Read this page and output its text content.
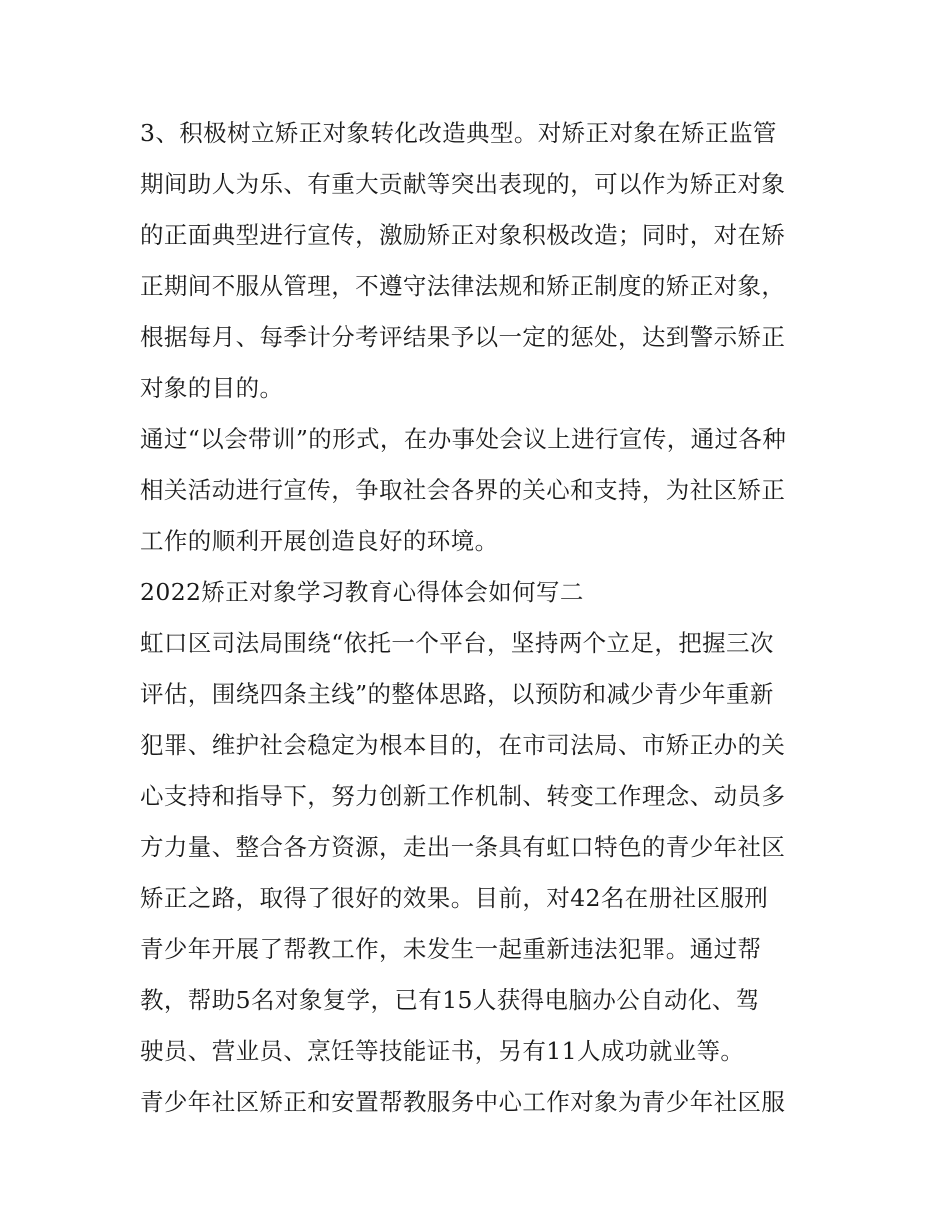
3、积极树立矫正对象转化改造典型。对矫正对象在矫正监管
期间助人为乐、有重大贡献等突出表现的，可以作为矫正对象
的正面典型进行宣传，激励矫正对象积极改造；同时，对在矫
正期间不服从管理，不遵守法律法规和矫正制度的矫正对象，
根据每月、每季计分考评结果予以一定的惩处，达到警示矫正
对象的目的。
通过“以会带训”的形式，在办事处会议上进行宣传，通过各种
相关活动进行宣传，争取社会各界的关心和支持，为社区矫正
工作的顺利开展创造良好的环境。
2022矫正对象学习教育心得体会如何写二
虹口区司法局围绕“依托一个平台，坚持两个立足，把握三次
评估，围绕四条主线”的整体思路，以预防和减少青少年重新
犯罪、维护社会稳定为根本目的，在市司法局、市矫正办的关
心支持和指导下，努力创新工作机制、转变工作理念、动员多
方力量、整合各方资源，走出一条具有虹口特色的青少年社区
矫正之路，取得了很好的效果。目前，对42名在册社区服刑
青少年开展了帮教工作，未发生一起重新违法犯罪。通过帮
教，帮助5名对象复学，已有15人获得电脑办公自动化、驾
驶员、营业员、烹饪等技能证书，另有11人成功就业等。
青少年社区矫正和安置帮教服务中心工作对象为青少年社区服
